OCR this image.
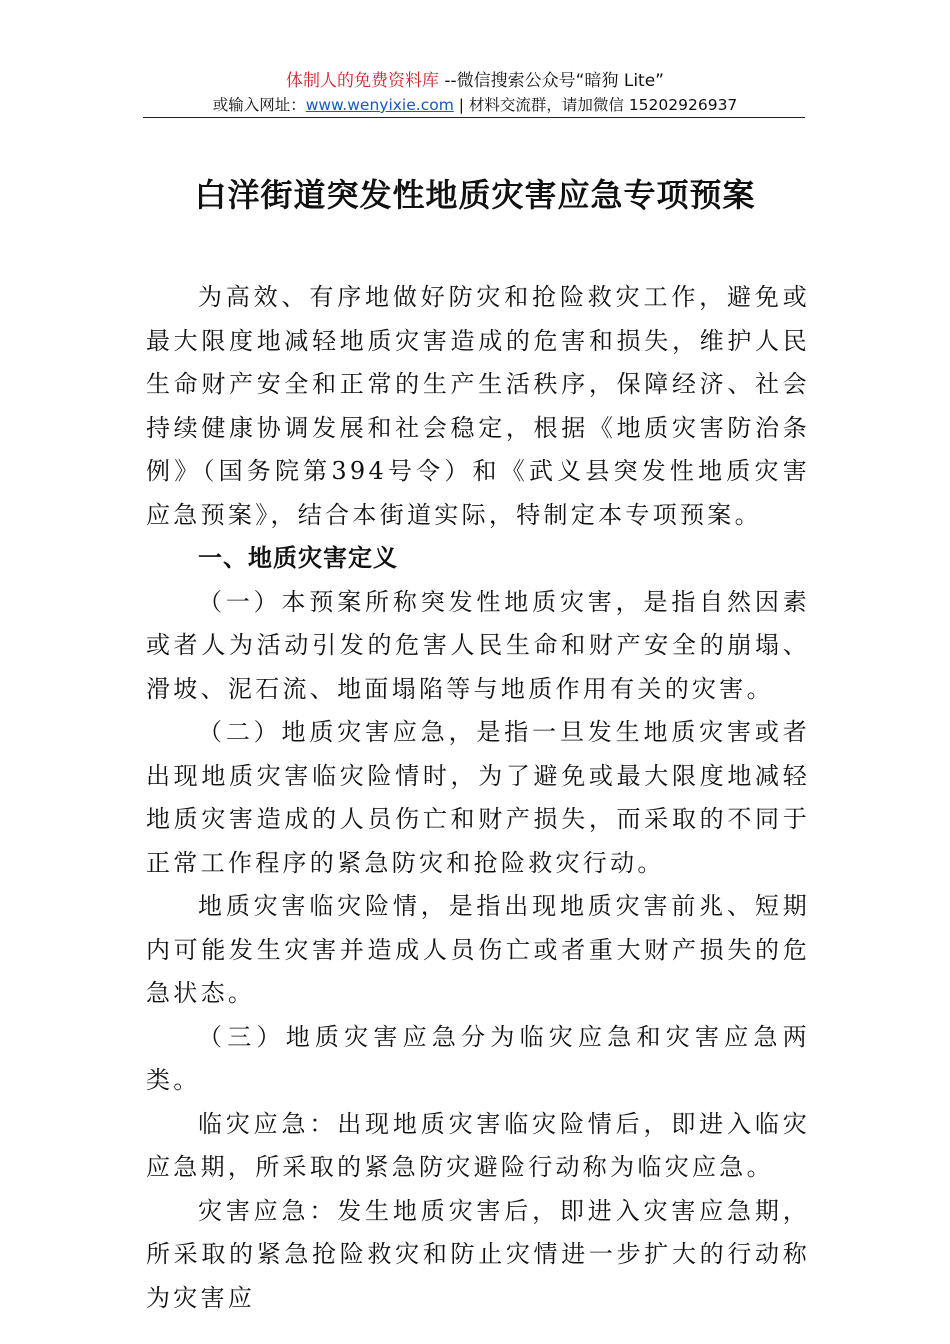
体制人的免费资料库 --微信搜索公众号“暗狗 Lite”
或输入网址：www.wenyixie.com | 材料交流群，请加微信 15202926937
白洋街道突发性地质灾害应急专项预案

为高效、有序地做好防灾和抢险救灾工作，避免或最大限度地减轻地质灾害造成的危害和损失，维护人民生命财产安全和正常的生产生活秩序，保障经济、社会持续健康协调发展和社会稳定，根据《地质灾害防治条例》（国务院第394号令）和《武义县突发性地质灾害应急预案》，结合本街道实际，特制定本专项预案。

一、地质灾害定义

（一）本预案所称突发性地质灾害，是指自然因素或者人为活动引发的危害人民生命和财产安全的崩塌、滑坡、泥石流、地面塌陷等与地质作用有关的灾害。

（二）地质灾害应急，是指一旦发生地质灾害或者出现地质灾害临灾险情时，为了避免或最大限度地减轻地质灾害造成的人员伤亡和财产损失，而采取的不同于正常工作程序的紧急防灾和抢险救灾行动。

地质灾害临灾险情，是指出现地质灾害前兆、短期内可能发生灾害并造成人员伤亡或者重大财产损失的危急状态。

（三）地质灾害应急分为临灾应急和灾害应急两类。

临灾应急：出现地质灾害临灾险情后，即进入临灾应急期，所采取的紧急防灾避险行动称为临灾应急。

灾害应急：发生地质灾害后，即进入灾害应急期，所采取的紧急抢险救灾和防止灾情进一步扩大的行动称为灾害应
